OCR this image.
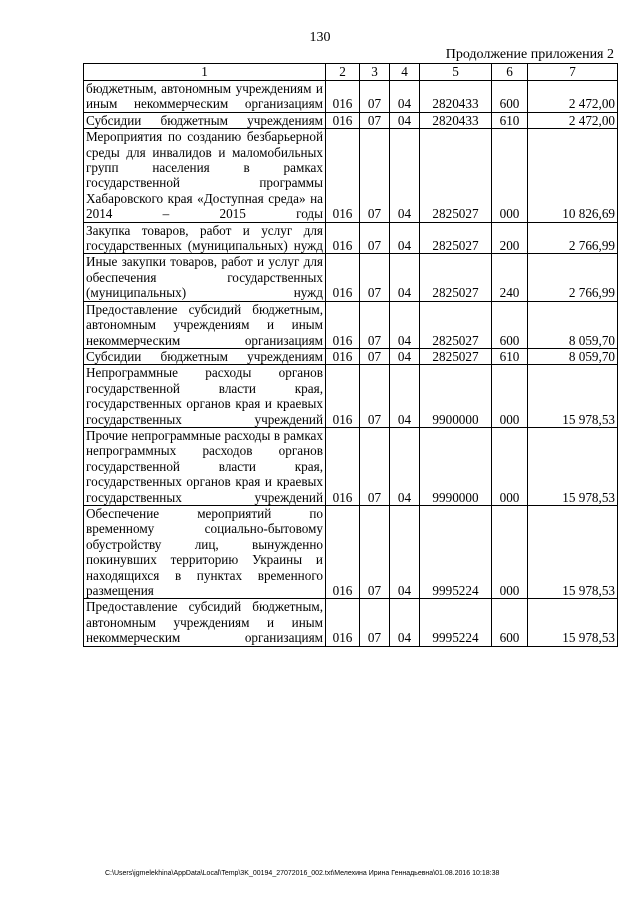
130
Продолжение приложения 2
1	2	3	4	5	6	7
бюджетным, автономным учреждениям и иным некоммерческим организациям	016	07	04	2820433	600	2 472,00
Субсидии бюджетным учреждениям	016	07	04	2820433	610	2 472,00
Мероприятия по созданию безбарьерной среды для инвалидов и маломобильных групп населения в рамках государственной программы Хабаровского края «Доступная среда» на 2014 – 2015 годы	016	07	04	2825027	000	10 826,69
Закупка товаров, работ и услуг для государственных (муниципальных) нужд	016	07	04	2825027	200	2 766,99
Иные закупки товаров, работ и услуг для обеспечения государственных (муниципальных) нужд	016	07	04	2825027	240	2 766,99
Предоставление субсидий бюджетным, автономным учреждениям и иным некоммерческим организациям	016	07	04	2825027	600	8 059,70
Субсидии бюджетным учреждениям	016	07	04	2825027	610	8 059,70
Непрограммные расходы органов государственной власти края, государственных органов края и краевых государственных учреждений	016	07	04	9900000	000	15 978,53
Прочие непрограммные расходы в рамках непрограммных расходов органов государственной власти края, государственных органов края и краевых государственных учреждений	016	07	04	9990000	000	15 978,53
Обеспечение мероприятий по временному социально-бытовому обустройству лиц, вынужденно покинувших территорию Украины и находящихся в пунктах временного размещения	016	07	04	9995224	000	15 978,53
Предоставление субсидий бюджетным, автономным учреждениям и иным некоммерческим организациям	016	07	04	9995224	600	15 978,53
C:\Users\jgmelekhina\AppData\Local\Temp\3K_00194_27072016_002.txt\Мелехина Ирина Геннадьевна\01.08.2016 10:18:38
